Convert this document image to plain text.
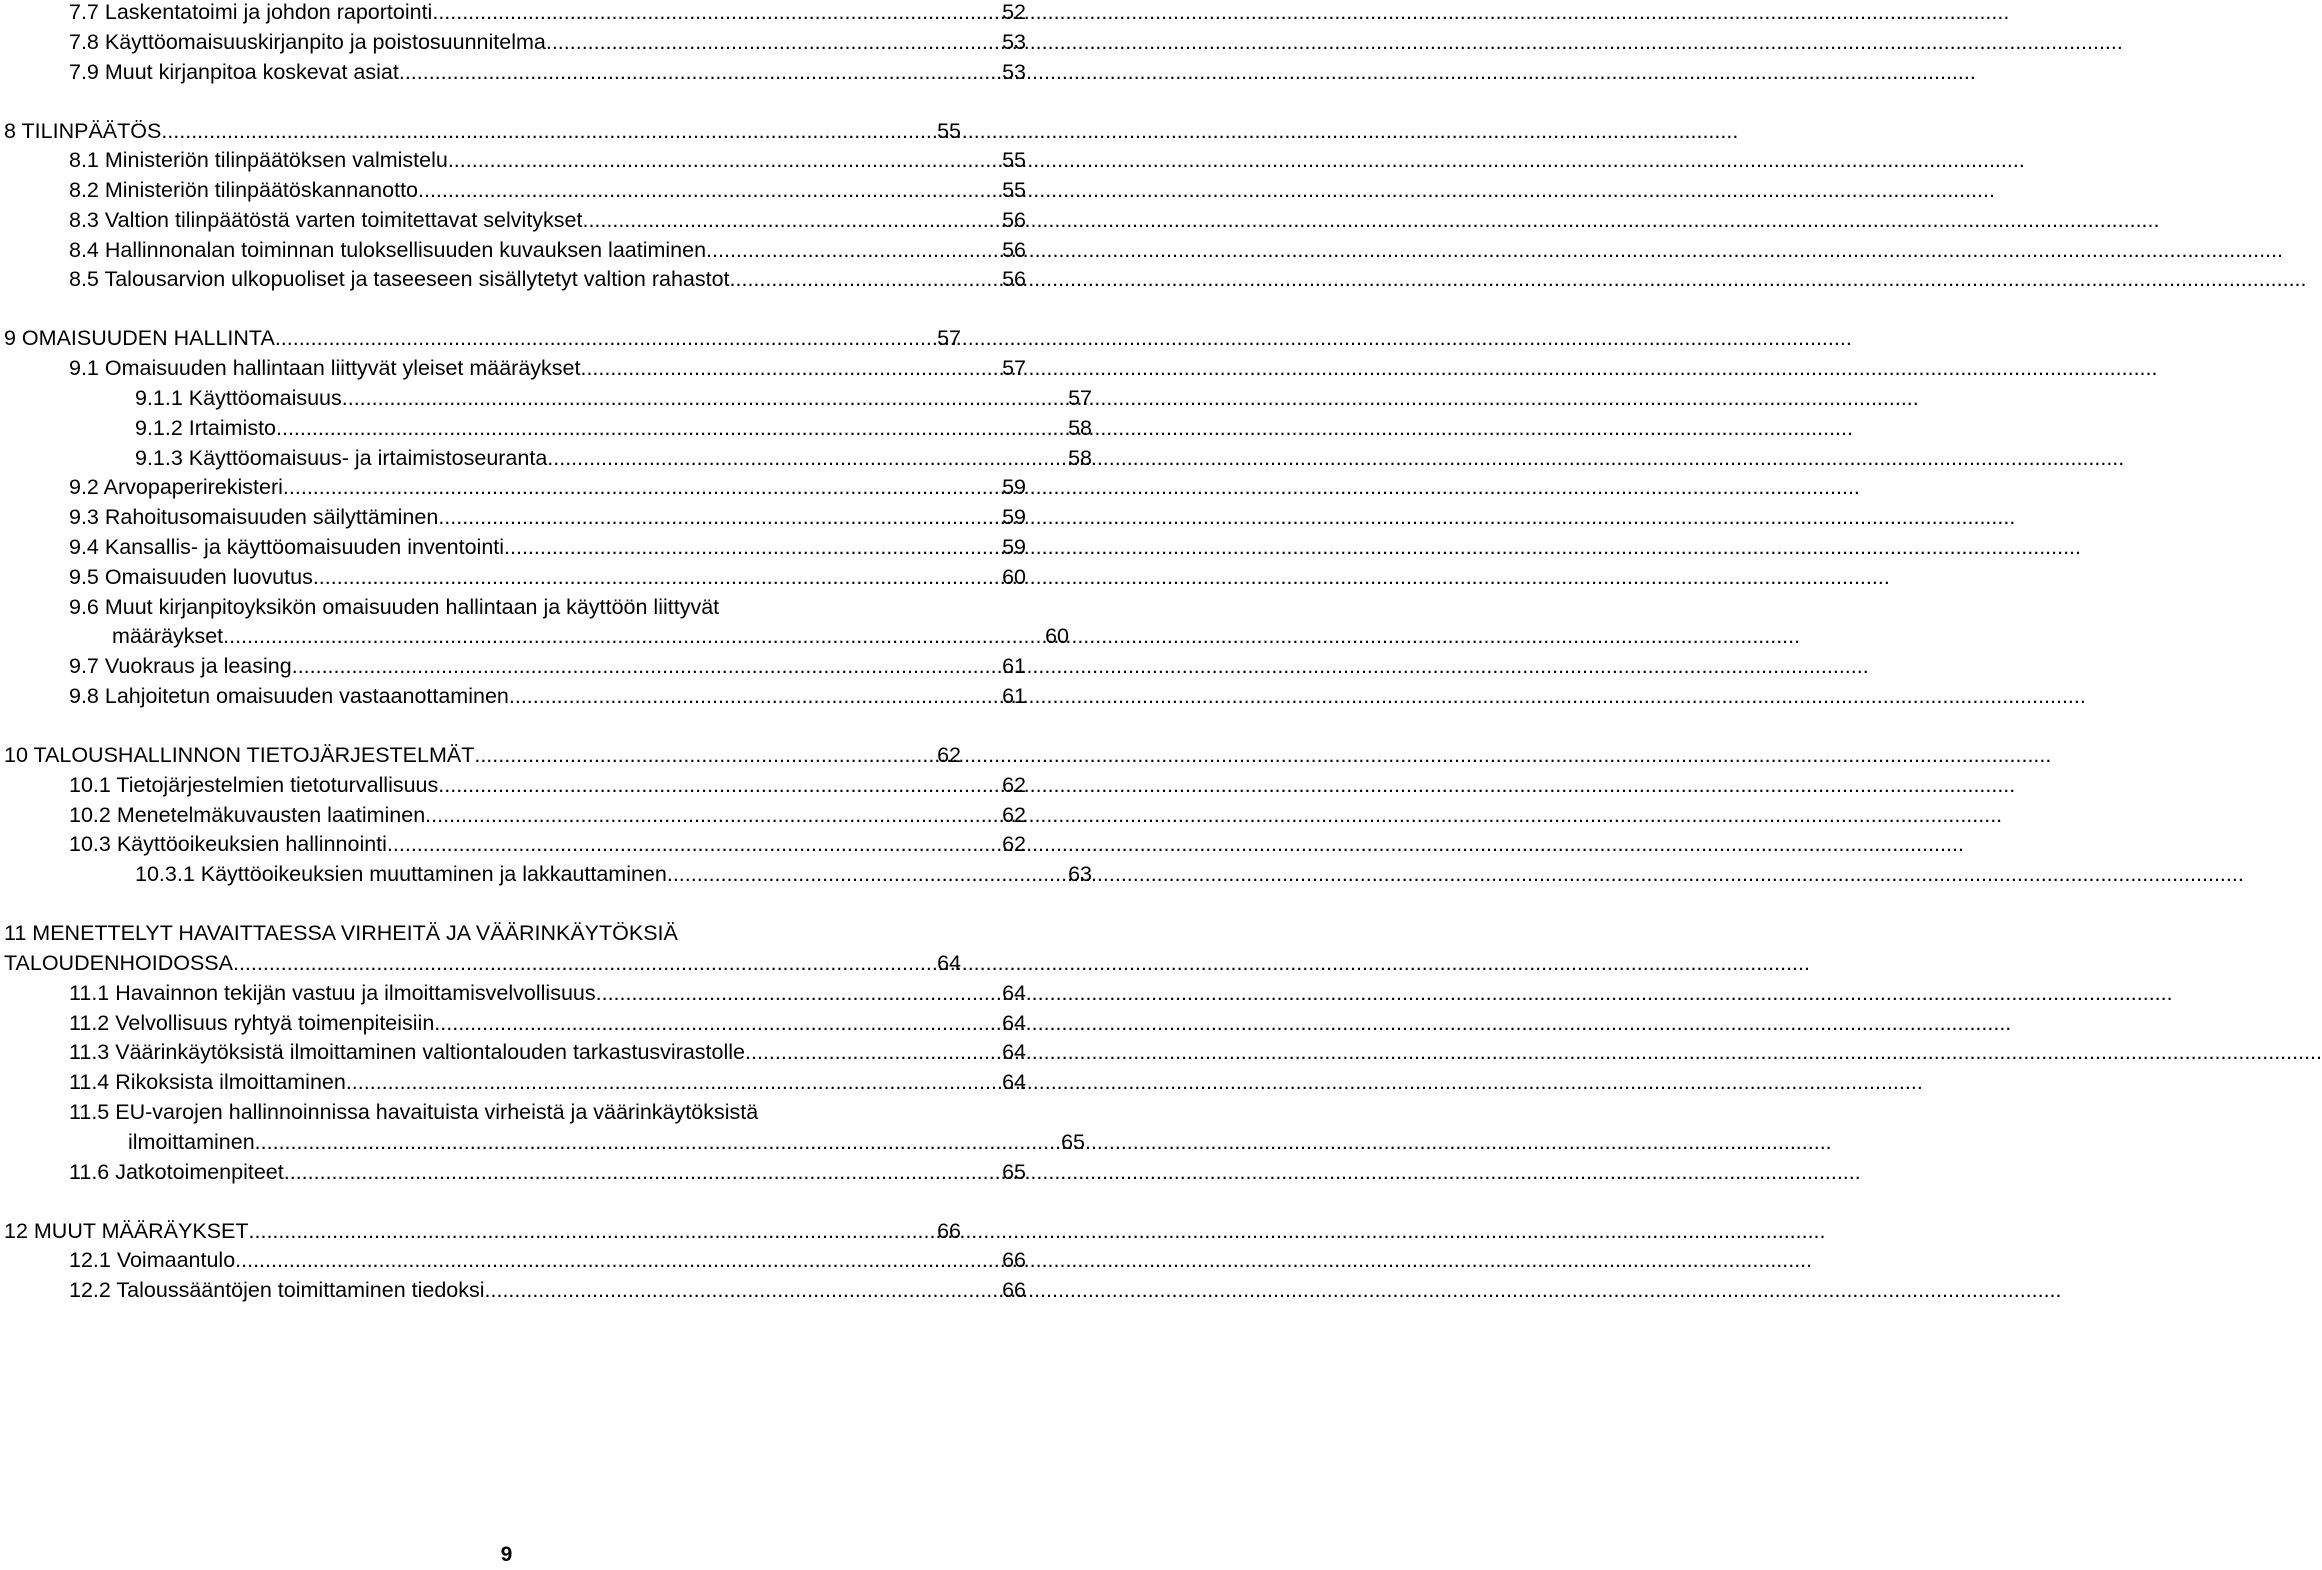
7.7 Laskentatoimi ja johdon raportointi .....	52
7.8 Käyttöomaisuuskirjanpito ja poistosuunnitelma .....	53
7.9 Muut kirjanpitoa koskevat asiat .....	53
8 TILINPÄÄTÖS .....	55
8.1 Ministeriön tilinpäätöksen valmistelu .....	55
8.2 Ministeriön tilinpäätöskannanotto .....	55
8.3 Valtion tilinpäätöstä varten toimitettavat selvitykset .....	56
8.4 Hallinnonalan toiminnan tuloksellisuuden kuvauksen laatiminen .....	56
8.5 Talousarvion ulkopuoliset ja taseeseen sisällytetyt valtion rahastot .....	56
9 OMAISUUDEN HALLINTA .....	57
9.1 Omaisuuden hallintaan liittyvät yleiset määräykset .....	57
9.1.1 Käyttöomaisuus .....	57
9.1.2 Irtaimisto .....	58
9.1.3 Käyttöomaisuus- ja irtaimistoseuranta .....	58
9.2 Arvopaperirekisteri .....	59
9.3 Rahoitusomaisuuden säilyttäminen .....	59
9.4 Kansallis- ja käyttöomaisuuden inventointi .....	59
9.5 Omaisuuden luovutus .....	60
9.6 Muut kirjanpitoyksikön omaisuuden hallintaan ja käyttöön liittyvät
määräykset .....	60
9.7 Vuokraus ja leasing .....	61
9.8 Lahjoitetun omaisuuden vastaanottaminen .....	61
10 TALOUSHALLINNON TIETOJÄRJESTELMÄT .....	62
10.1 Tietojärjestelmien tietoturvallisuus .....	62
10.2 Menetelmäkuvausten laatiminen .....	62
10.3 Käyttöoikeuksien hallinnointi .....	62
10.3.1 Käyttöoikeuksien muuttaminen ja lakkauttaminen .....	63
11 MENETTELYT HAVAITTAESSA VIRHEITÄ JA VÄÄRINKÄYTÖKSIÄ
TALOUDENHOIDOSSA .....	64
11.1 Havainnon tekijän vastuu ja ilmoittamisvelvollisuus .....	64
11.2 Velvollisuus ryhtyä toimenpiteisiin .....	64
11.3 Väärinkäytöksistä ilmoittaminen valtiontalouden tarkastusvirastolle .....	64
11.4 Rikoksista ilmoittaminen .....	64
11.5 EU-varojen hallinnoinnissa havaituista virheistä ja väärinkäytöksistä
ilmoittaminen .....	65
11.6 Jatkotoimenpiteet .....	65
12 MUUT MÄÄRÄYKSET .....	66
12.1 Voimaantulo .....	66
12.2 Taloussääntöjen toimittaminen tiedoksi .....	66
9
